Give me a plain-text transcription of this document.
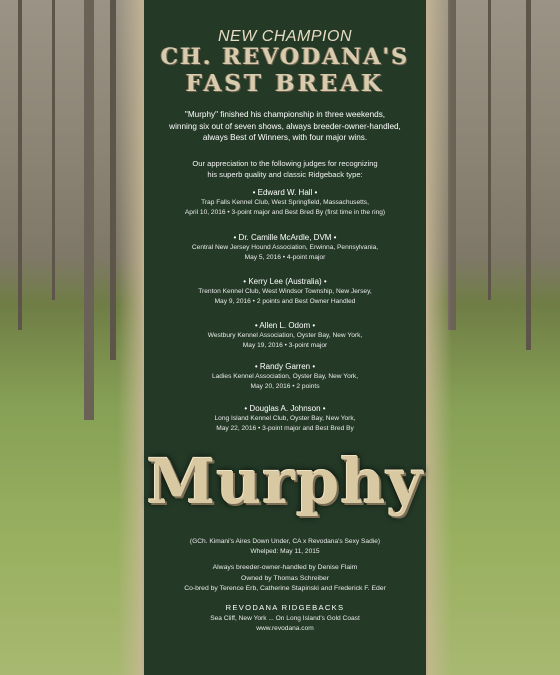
NEW CHAMPION
CH. REVODANA'S
FAST BREAK
"Murphy" finished his championship in three weekends,
winning six out of seven shows, always breeder-owner-handled,
always Best of Winners, with four major wins.
Our appreciation to the following judges for recognizing
his superb quality and classic Ridgeback type:
• Edward W. Hall •
Trap Falls Kennel Club, West Springfield, Massachusetts,
April 10, 2016 • 3-point major and Best Bred By (first time in the ring)
• Dr. Camille McArdle, DVM •
Central New Jersey Hound Association, Erwinna, Pennsylvania,
May 5, 2016 • 4-point major
• Kerry Lee (Australia) •
Trenton Kennel Club, West Windsor Township, New Jersey,
May 9, 2016 • 2 points and Best Owner Handled
• Allen L. Odom •
Westbury Kennel Association, Oyster Bay, New York,
May 19, 2016 • 3-point major
• Randy Garren •
Ladies Kennel Association, Oyster Bay, New York,
May 20, 2016 • 2 points
• Douglas A. Johnson •
Long Island Kennel Club, Oyster Bay, New York,
May 22, 2016 • 3-point major and Best Bred By
Murphy
(GCh. Kimani's Aires Down Under, CA x Revodana's Sexy Sadie)
Whelped: May 11, 2015
Always breeder-owner-handled by Denise Flaim
Owned by Thomas Schreiber
Co-bred by Terence Erb, Catherine Stapinski and Frederick F. Eder
REVODANA RIDGEBACKS
Sea Cliff, New York ... On Long Island's Gold Coast
www.revodana.com
